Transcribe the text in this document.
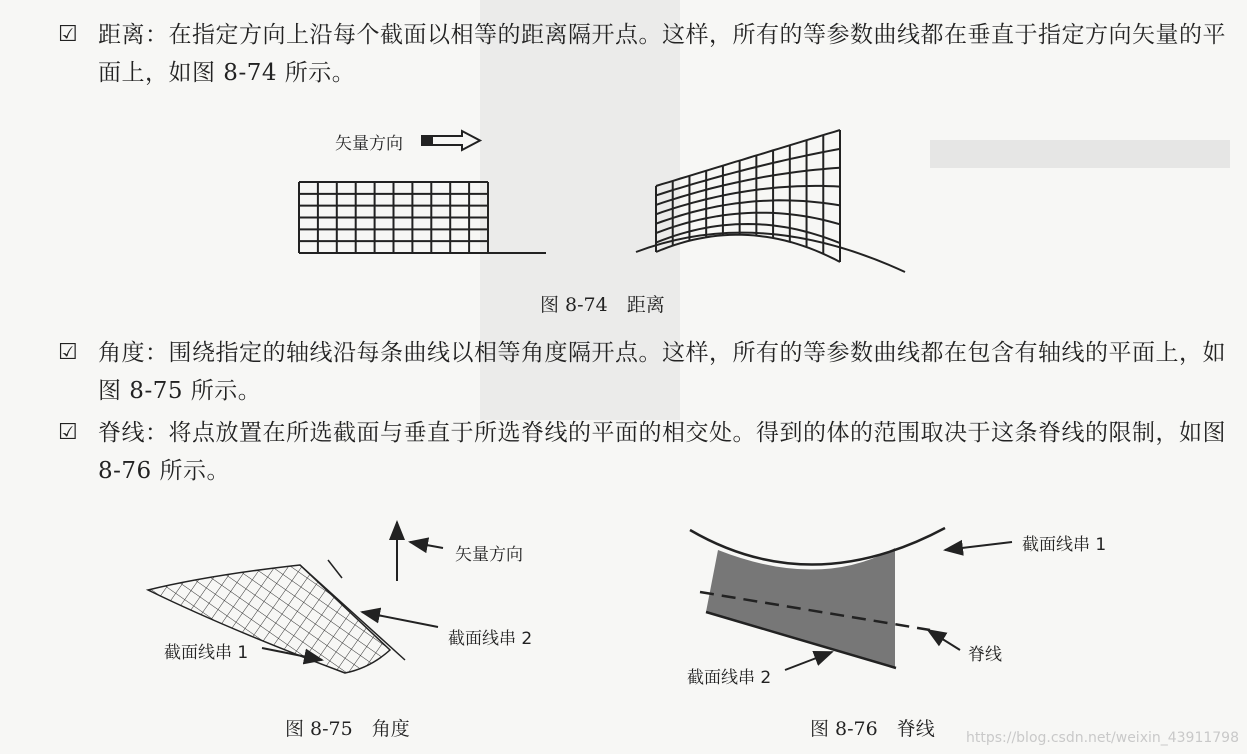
☑ 距离：在指定方向上沿每个截面以相等的距离隔开点。这样，所有的等参数曲线都在垂直于指定方向矢量的平面上，如图 8-74 所示。
矢量方向
图 8-74　距离
☑ 角度：围绕指定的轴线沿每条曲线以相等角度隔开点。这样，所有的等参数曲线都在包含有轴线的平面上，如图 8-75 所示。
☑ 脊线：将点放置在所选截面与垂直于所选脊线的平面的相交处。得到的体的范围取决于这条脊线的限制，如图 8-76 所示。
矢量方向
截面线串 2
截面线串 1
图 8-75　角度
截面线串 1
脊线
截面线串 2
图 8-76　脊线 https://blog.csdn.net/weixin_43911798
